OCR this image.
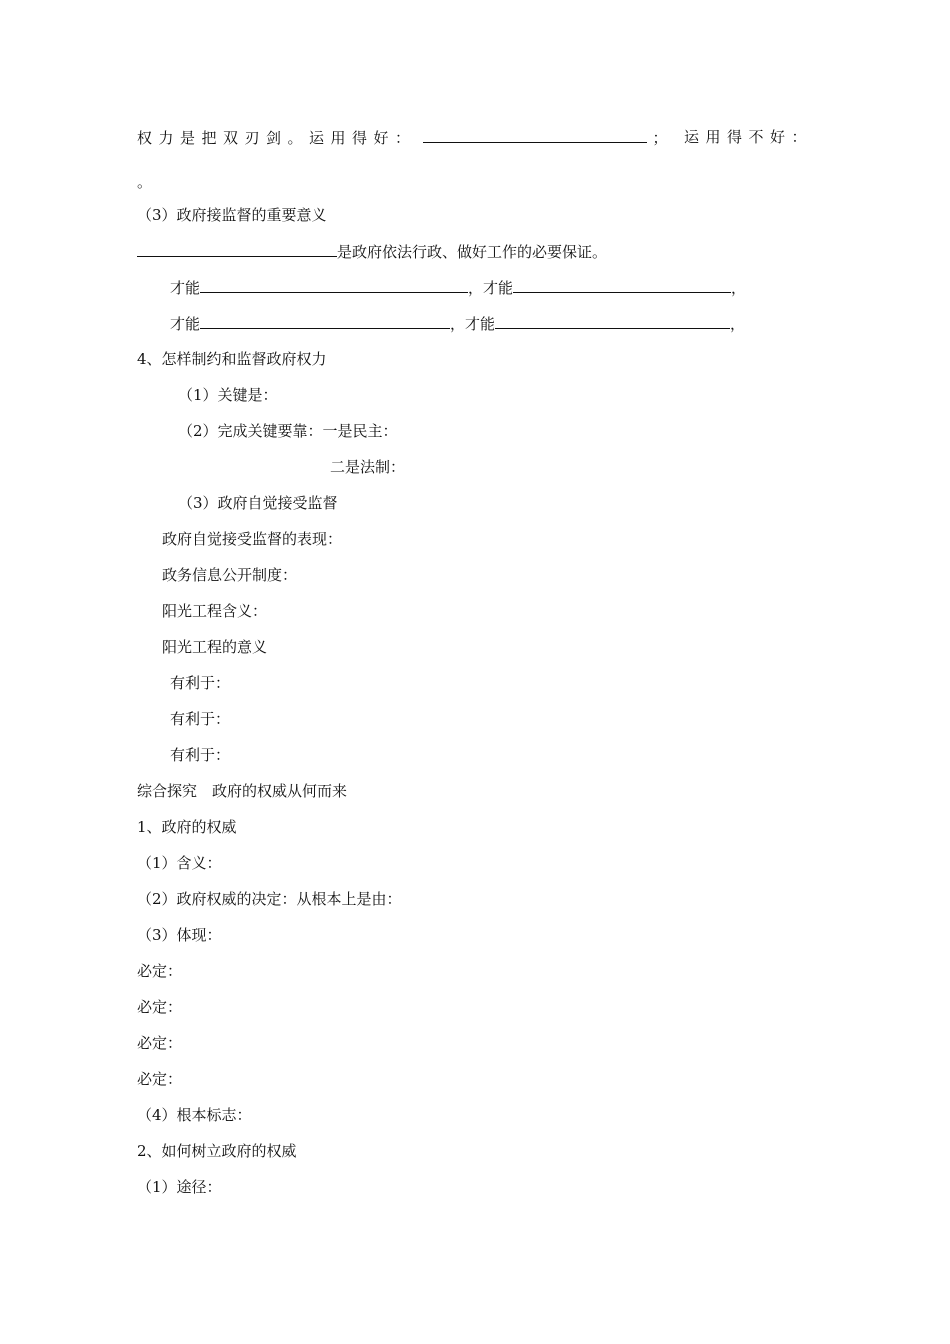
权力是把双刃剑。运用得好：	； 运用得不好：
。
（3）政府接监督的重要意义
是政府依法行政、做好工作的必要保证。
才能	，才能	，
才能	，才能	，
4、怎样制约和监督政府权力
（1）关键是：
（2）完成关键要靠：一是民主：
二是法制：
（3）政府自觉接受监督
政府自觉接受监督的表现：
政务信息公开制度：
阳光工程含义：
阳光工程的意义
有利于：
有利于：
有利于：
综合探究　政府的权威从何而来
1、政府的权威
（1）含义：
（2）政府权威的决定：从根本上是由：
（3）体现：
必定：
必定：
必定：
必定：
（4）根本标志：
2、如何树立政府的权威
（1）途径：
